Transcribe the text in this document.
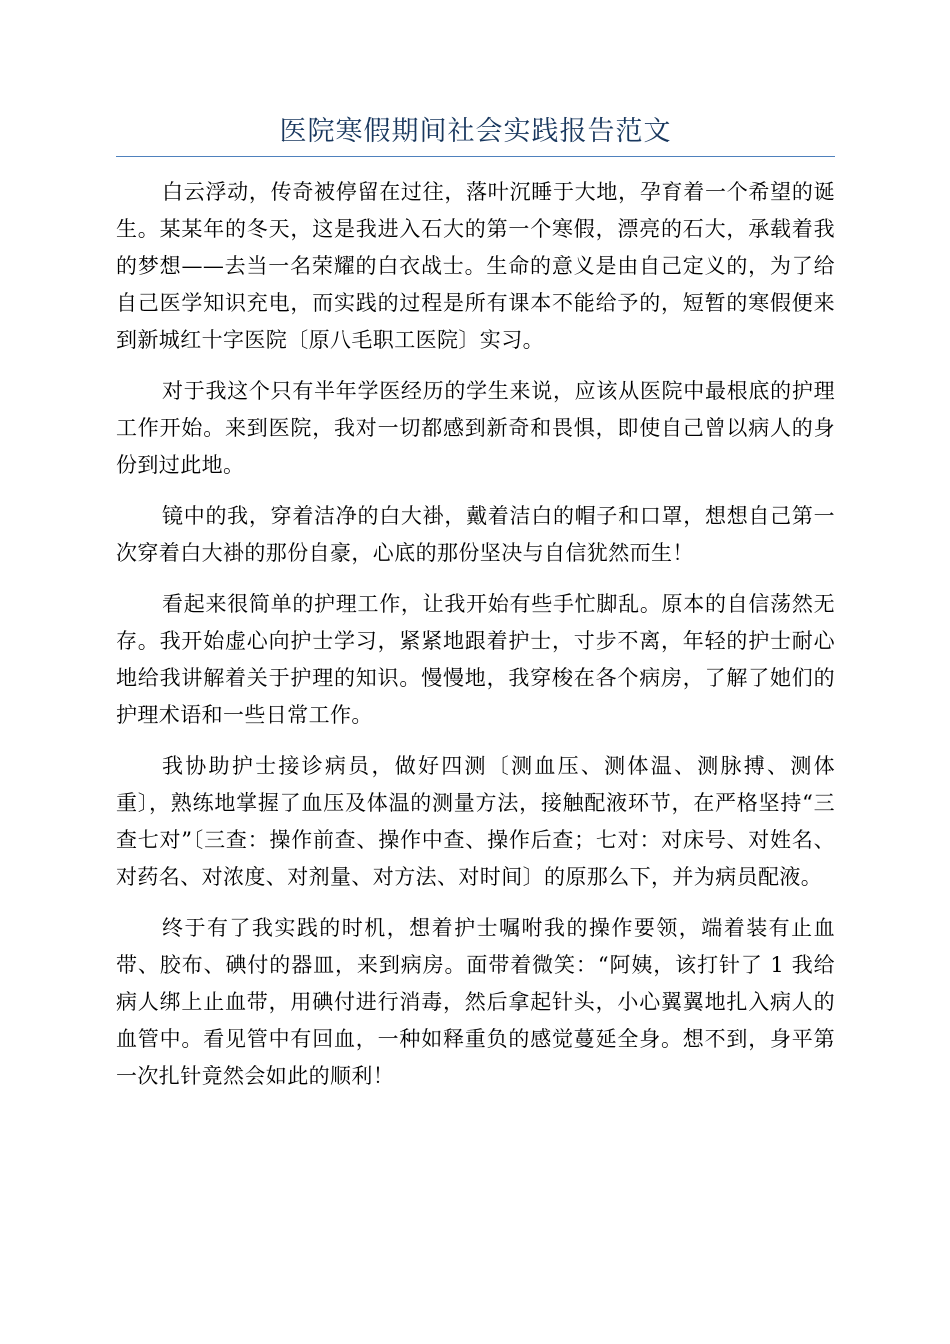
医院寒假期间社会实践报告范文

白云浮动，传奇被停留在过往，落叶沉睡于大地，孕育着一个希望的诞生。某某年的冬天，这是我进入石大的第一个寒假，漂亮的石大，承载着我的梦想——去当一名荣耀的白衣战士。生命的意义是由自己定义的，为了给自己医学知识充电，而实践的过程是所有课本不能给予的，短暂的寒假便来到新城红十字医院〔原八毛职工医院〕实习。

对于我这个只有半年学医经历的学生来说，应该从医院中最根底的护理工作开始。来到医院，我对一切都感到新奇和畏惧，即使自己曾以病人的身份到过此地。

镜中的我，穿着洁净的白大褂，戴着洁白的帽子和口罩，想想自己第一次穿着白大褂的那份自豪，心底的那份坚决与自信犹然而生！

看起来很简单的护理工作，让我开始有些手忙脚乱。原本的自信荡然无存。我开始虚心向护士学习，紧紧地跟着护士，寸步不离，年轻的护士耐心地给我讲解着关于护理的知识。慢慢地，我穿梭在各个病房，了解了她们的护理术语和一些日常工作。

我协助护士接诊病员，做好四测〔测血压、测体温、测脉搏、测体重〕，熟练地掌握了血压及体温的测量方法，接触配液环节，在严格坚持“三查七对”〔三查：操作前查、操作中查、操作后查；七对：对床号、对姓名、对药名、对浓度、对剂量、对方法、对时间〕的原那么下，并为病员配液。

终于有了我实践的时机，想着护士嘱咐我的操作要领，端着装有止血带、胶布、碘付的器皿，来到病房。面带着微笑：“阿姨，该打针了 1 我给病人绑上止血带，用碘付进行消毒，然后拿起针头，小心翼翼地扎入病人的血管中。看见管中有回血，一种如释重负的感觉蔓延全身。想不到，身平第一次扎针竟然会如此的顺利！
